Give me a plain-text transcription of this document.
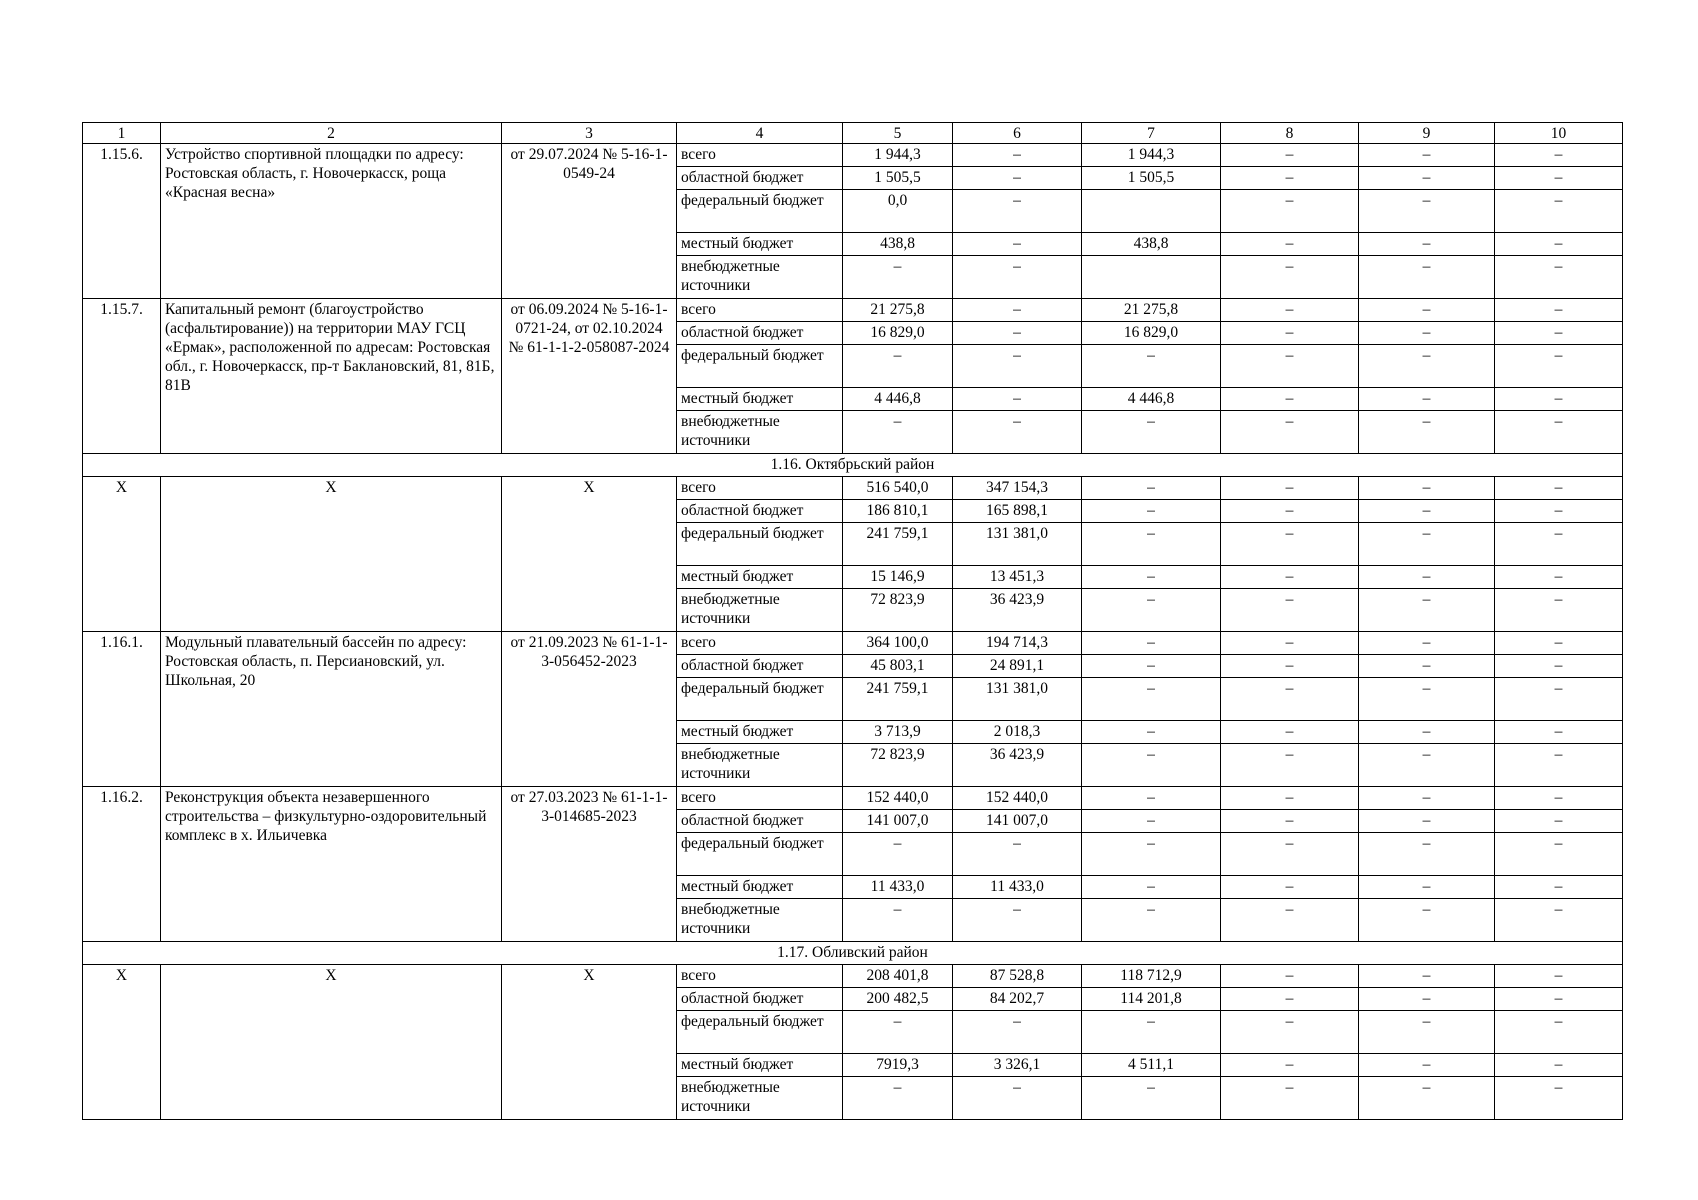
1	2	3	4	5	6	7	8	9	10
1.15.6.	Устройство спортивной площадки по адресу: Ростовская область, г. Новочеркасск, роща «Красная весна»	от 29.07.2024 № 5-16-1-0549-24	всего	1 944,3	–	1 944,3	–	–	–
			областной бюджет	1 505,5	–	1 505,5	–	–	–
			федеральный бюджет	0,0	–		–	–	–
			местный бюджет	438,8	–	438,8	–	–	–
			внебюджетные источники	–	–		–	–	–
1.15.7.	Капитальный ремонт (благоустройство (асфальтирование)) на территории МАУ ГСЦ «Ермак», расположенной по адресам: Ростовская обл., г. Новочеркасск, пр-т Баклановский, 81, 81Б, 81В	от 06.09.2024 № 5-16-1-0721-24, от 02.10.2024 № 61-1-1-2-058087-2024	всего	21 275,8	–	21 275,8	–	–	–
			областной бюджет	16 829,0	–	16 829,0	–	–	–
			федеральный бюджет	–	–	–	–	–	–
			местный бюджет	4 446,8	–	4 446,8	–	–	–
			внебюджетные источники	–	–	–	–	–	–
1.16. Октябрьский район									
X	X	X	всего	516 540,0	347 154,3	–	–	–	–
			областной бюджет	186 810,1	165 898,1	–	–	–	–
			федеральный бюджет	241 759,1	131 381,0	–	–	–	–
			местный бюджет	15 146,9	13 451,3	–	–	–	–
			внебюджетные источники	72 823,9	36 423,9	–	–	–	–
1.16.1.	Модульный плавательный бассейн по адресу: Ростовская область, п. Персиановский, ул. Школьная, 20	от 21.09.2023 № 61-1-1-3-056452-2023	всего	364 100,0	194 714,3	–	–	–	–
			областной бюджет	45 803,1	24 891,1	–	–	–	–
			федеральный бюджет	241 759,1	131 381,0	–	–	–	–
			местный бюджет	3 713,9	2 018,3	–	–	–	–
			внебюджетные источники	72 823,9	36 423,9	–	–	–	–
1.16.2.	Реконструкция объекта незавершенного строительства – физкультурно-оздоровительный комплекс в х. Ильичевка	от 27.03.2023 № 61-1-1-3-014685-2023	всего	152 440,0	152 440,0	–	–	–	–
			областной бюджет	141 007,0	141 007,0	–	–	–	–
			федеральный бюджет	–	–	–	–	–	–
			местный бюджет	11 433,0	11 433,0	–	–	–	–
			внебюджетные источники	–	–	–	–	–	–
1.17. Обливский район									
X	X	X	всего	208 401,8	87 528,8	118 712,9	–	–	–
			областной бюджет	200 482,5	84 202,7	114 201,8	–	–	–
			федеральный бюджет	–	–	–	–	–	–
			местный бюджет	7919,3	3 326,1	4 511,1	–	–	–
			внебюджетные источники	–	–	–	–	–	–
